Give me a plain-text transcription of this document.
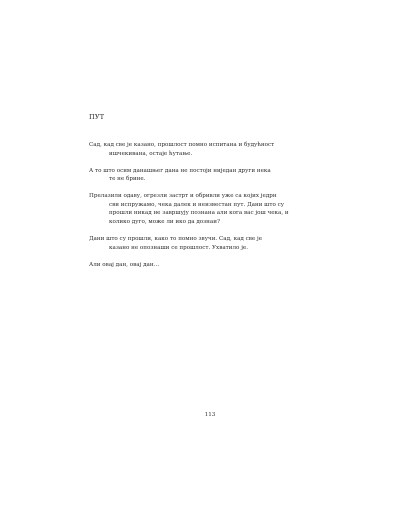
ПУТ
Сад, кад све је казано, прошлост помно испитана и будућност
ишчекивана, остаје ћутање.
А то што осим данашњег дана не постоји ниједан други нека
те не брине.
Прелазили одаву, огрезли застрт и обривли уже са којих једрн
сви испружамо, чека далек и неизвестан пут. Дани што су
прошли никад не завршују познана али кога вас још чека, и
колико дуго, може ли ико да дознаи?
Дани што су прошли, како то помно звучи. Сад, кад све је
казано не опознаши се прошлост. Ухватило је.
Али овај дан, овај дан…
113
